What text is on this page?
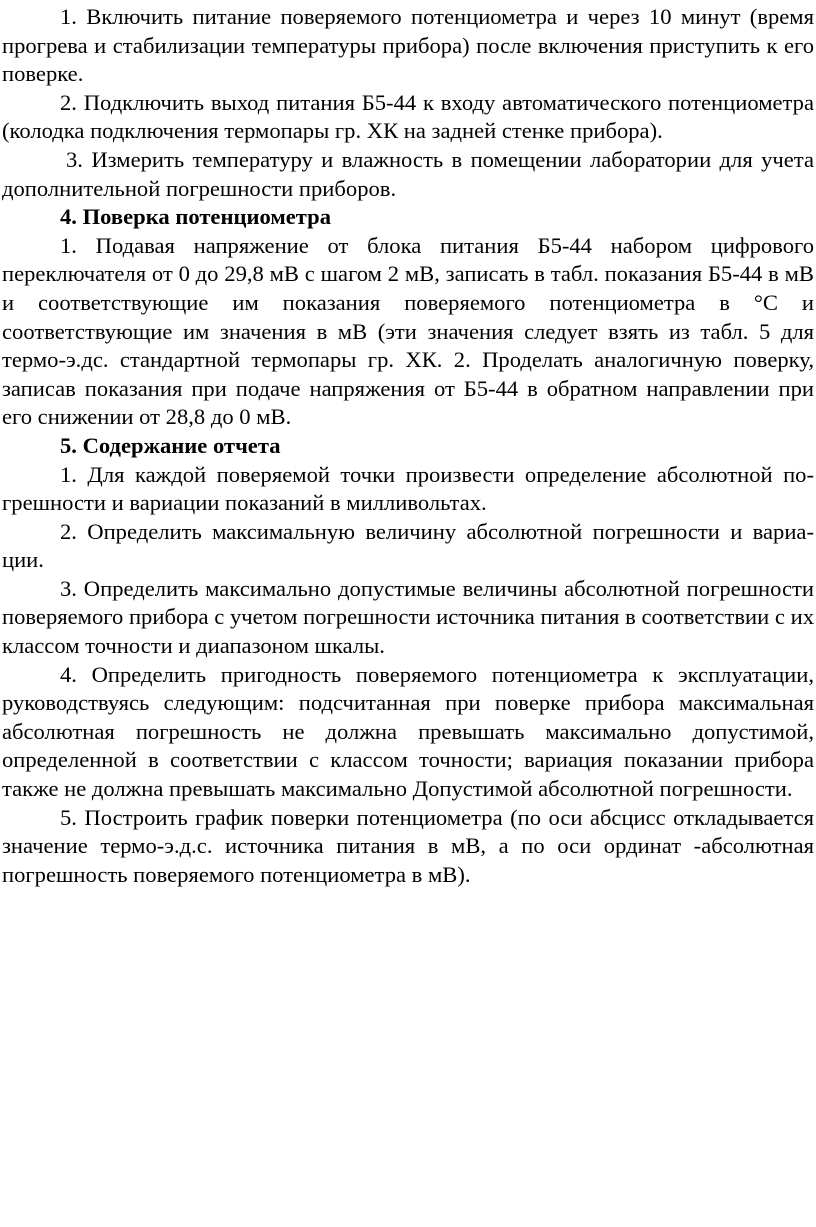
1. Включить питание поверяемого потенциометра и через 10 минут (время прогрева и стабилизации температуры прибора) после включения приступить к его поверке.

2. Подключить выход питания Б5-44 к входу автоматического потенциометра (колодка подключения термопары гр. ХК на задней стенке прибора).

3. Измерить температуру и влажность в помещении лаборатории для учета дополнительной погрешности приборов.

4. Поверка потенциометра

1. Подавая напряжение от блока питания Б5-44 набором цифрового переключателя от 0 до 29,8 мВ с шагом 2 мВ, записать в табл. показания Б5-44 в мВ и соответствующие им показания поверяемого потенциометра в °С и соответствующие им значения в мВ (эти значения следует взять из табл. 5 для термо-э.дс. стандартной термопары гр. ХК. 2. Проделать аналогичную поверку, записав показания при подаче напряжения от Б5-44 в обратном направлении при его снижении от 28,8 до 0 мВ.

5. Содержание отчета

1. Для каждой поверяемой точки произвести определение абсолютной по- грешности и вариации показаний в милливольтах.

2. Определить максимальную величину абсолютной погрешности и вариа- ции.

3. Определить максимально допустимые величины абсолютной погрешности поверяемого прибора с учетом погрешности источника питания в соответствии с их классом точности и диапазоном шкалы.

4. Определить пригодность поверяемого потенциометра к эксплуатации, руководствуясь следующим: подсчитанная при поверке прибора максимальная абсолютная погрешность не должна превышать максимально допустимой, определенной в соответствии с классом точности; вариация показании прибора также не должна превышать максимально Допустимой абсолютной погрешности.

5. Построить график поверки потенциометра (по оси абсцисс откладывается значение термо-э.д.с. источника питания в мВ, а по оси ординат -абсолютная погрешность поверяемого потенциометра в мВ).
